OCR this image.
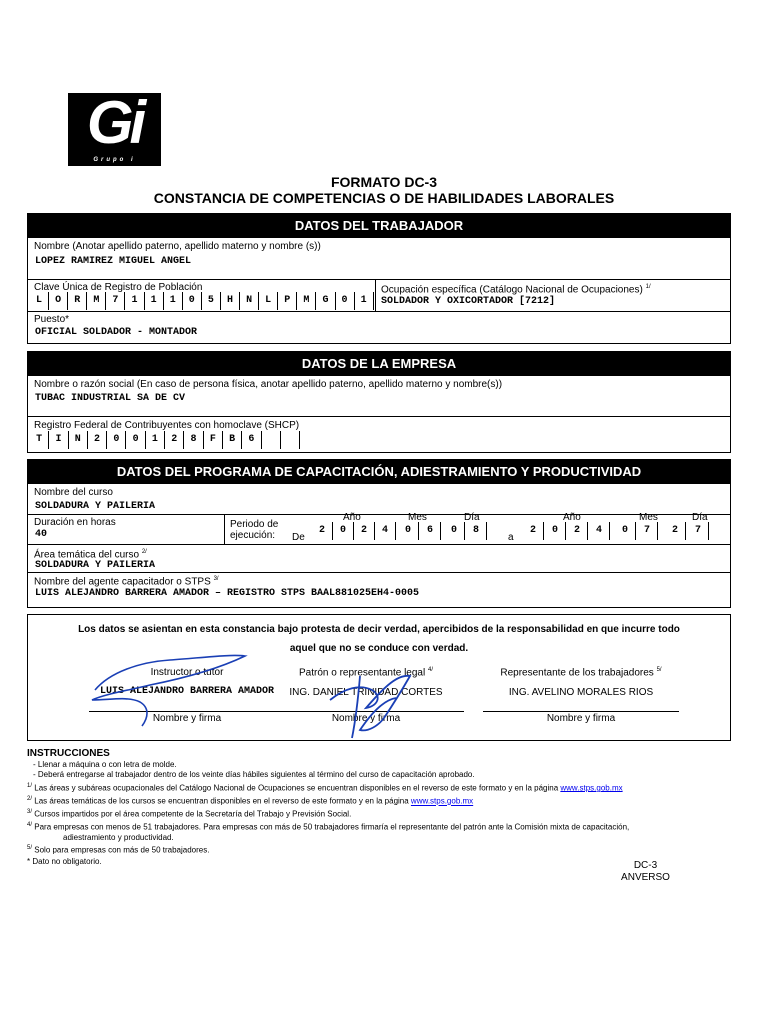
Gi
Grupo i
FORMATO DC-3
CONSTANCIA DE COMPETENCIAS O DE HABILIDADES LABORALES
DATOS DEL TRABAJADOR
Nombre (Anotar apellido paterno, apellido materno y nombre (s))
LOPEZ RAMIREZ MIGUEL ANGEL
Clave Única de Registro de Población
L	O	R	M	7	1	1	1	0	5	H	N	L	P	M	G	0	1
Ocupación específica (Catálogo Nacional de Ocupaciones) $^{1/}$
SOLDADOR Y OXICORTADOR [7212]
Puesto*
OFICIAL SOLDADOR - MONTADOR
DATOS DE LA EMPRESA
Nombre o razón social (En caso de persona física, anotar apellido paterno, apellido materno y nombre(s))
TUBAC INDUSTRIAL SA DE CV
Registro Federal de Contribuyentes con homoclave (SHCP)
T	I	N	2	0	0	1	2	8	F	B	6
DATOS DEL PROGRAMA DE CAPACITACIÓN, ADIESTRAMIENTO Y PRODUCTIVIDAD
Nombre del curso
SOLDADURA Y PAILERIA
Duración en horas
40
Periodo de
ejecución: De	a
Año	Mes	Día	Año	Mes	Día
2	0	2	4	0	6	0	8	2	0	2	4	0	7	2	7
Área temática del curso $^{2/}$
SOLDADURA Y PAILERIA
Nombre del agente capacitador o STPS $^{3/}$
LUIS ALEJANDRO BARRERA AMADOR – REGISTRO STPS BAAL881025EH4-0005
Los datos se asientan en esta constancia bajo protesta de decir verdad, apercibidos de la responsabilidad en que incurre todo
aquel que no se conduce con verdad.
Instructor o tutor
LUIS ALEJANDRO BARRERA AMADOR
Nombre y firma
Patrón o representante legal $^{4/}$
ING. DANIEL TRINIDAD CORTES
Nombre y firma
Representante de los trabajadores $^{5/}$
ING. AVELINO MORALES RIOS
Nombre y firma
INSTRUCCIONES
- Llenar a máquina o con letra de molde.
- Deberá entregarse al trabajador dentro de los veinte días hábiles siguientes al término del curso de capacitación aprobado.
$^{1/}$ Las áreas y subáreas ocupacionales del Catálogo Nacional de Ocupaciones se encuentran disponibles en el reverso de este formato y en la página www.stps.gob.mx
$^{2/}$ Las áreas temáticas de los cursos se encuentran disponibles en el reverso de este formato y en la página www.stps.gob.mx
$^{3/}$ Cursos impartidos por el área competente de la Secretaría del Trabajo y Previsión Social.
$^{4/}$ Para empresas con menos de 51 trabajadores. Para empresas con más de 50 trabajadores firmaría el representante del patrón ante la Comisión mixta de capacitación,
adiestramiento y productividad.
$^{5/}$ Solo para empresas con más de 50 trabajadores.
* Dato no obligatorio.	DC-3
ANVERSO
